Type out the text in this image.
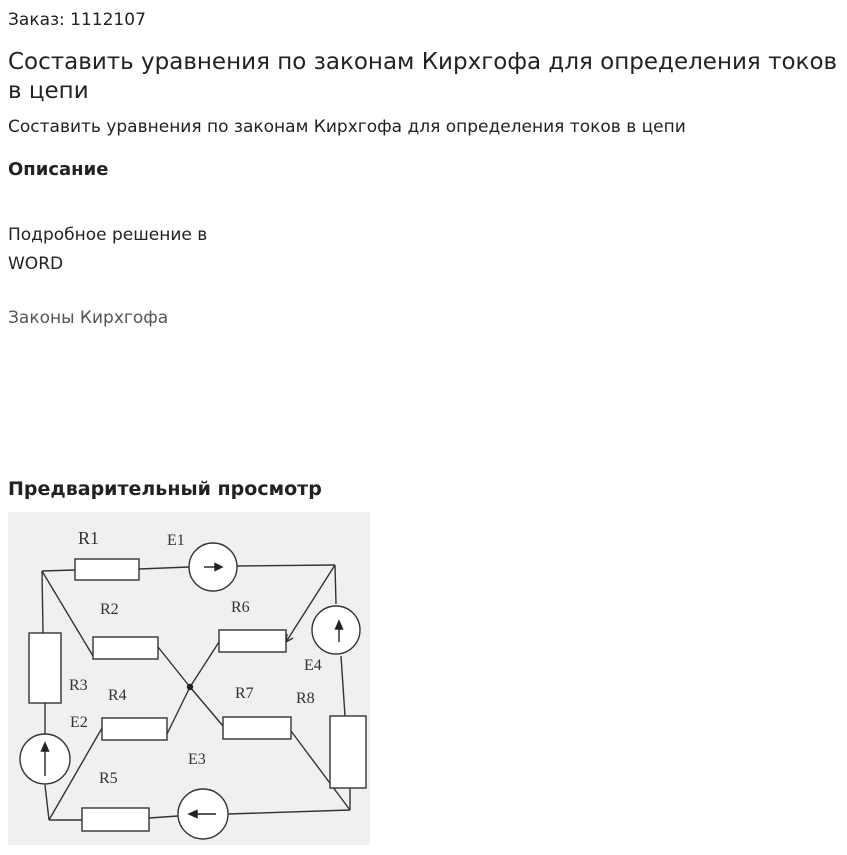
Заказ: 1112107
Составить уравнения по законам Кирхгофа для определения токов в цепи

Составить уравнения по законам Кирхгофа для определения токов в цепи

Описание

Подробное решение в WORD

Законы Кирхгофа

Предварительный просмотр
R1	E1
R2	R6
E4
R3
R4	R7	R8
E2
E3
R5
